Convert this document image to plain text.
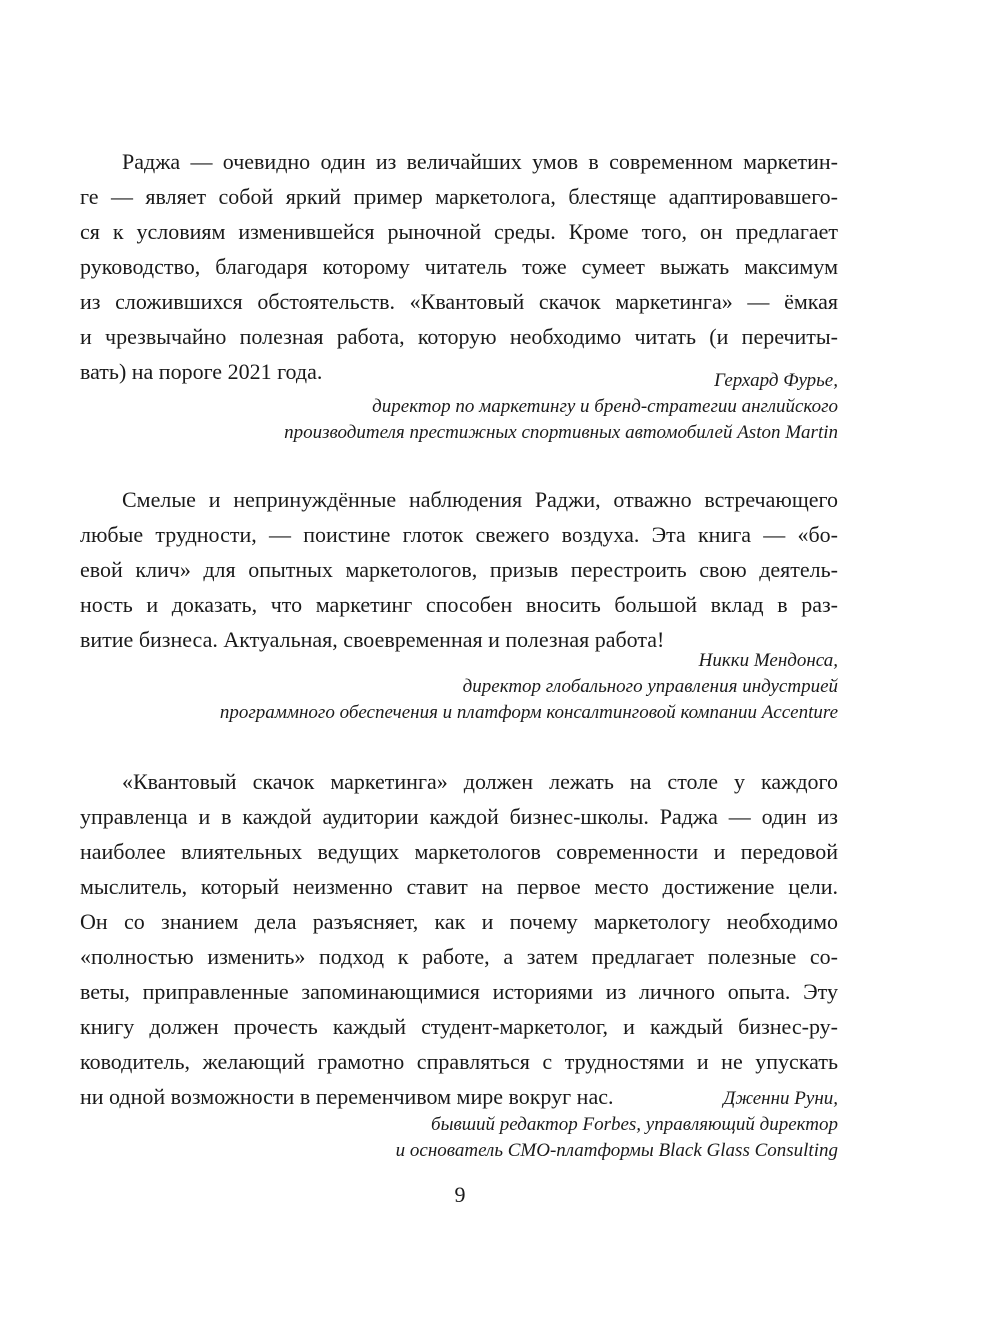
Раджа — очевидно один из величайших умов в современном маркетин-
ге — являет собой яркий пример маркетолога, блестяще адаптировавшего-
ся к условиям изменившейся рыночной среды. Кроме того, он предлагает
руководство, благодаря которому читатель тоже сумеет выжать максимум
из сложившихся обстоятельств. «Квантовый скачок маркетинга» — ёмкая
и чрезвычайно полезная работа, которую необходимо читать (и перечиты-
вать) на пороге 2021 года.	Герхард Фурье,
директор по маркетингу и бренд-стратегии английского
производителя престижных спортивных автомобилей Aston Martin
Смелые и непринуждённые наблюдения Раджи, отважно встречающего
любые трудности, — поистине глоток свежего воздуха. Эта книга — «бо-
евой клич» для опытных маркетологов, призыв перестроить свою деятель-
ность и доказать, что маркетинг способен вносить большой вклад в раз-
витие бизнеса. Актуальная, своевременная и полезная работа!
Никки Мендонса,
директор глобального управления индустрией
программного обеспечения и платформ консалтинговой компании Accenture
«Квантовый скачок маркетинга» должен лежать на столе у каждого
управленца и в каждой аудитории каждой бизнес-школы. Раджа — один из
наиболее влиятельных ведущих маркетологов современности и передовой
мыслитель, который неизменно ставит на первое место достижение цели.
Он со знанием дела разъясняет, как и почему маркетологу необходимо
«полностью изменить» подход к работе, а затем предлагает полезные со-
веты, приправленные запоминающимися историями из личного опыта. Эту
книгу должен прочесть каждый студент-маркетолог, и каждый бизнес-ру-
ководитель, желающий грамотно справляться с трудностями и не упускать
ни одной возможности в переменчивом мире вокруг нас.	Дженни Руни,
бывший редактор Forbes, управляющий директор
и основатель CMO-платформы Black Glass Consulting
9
